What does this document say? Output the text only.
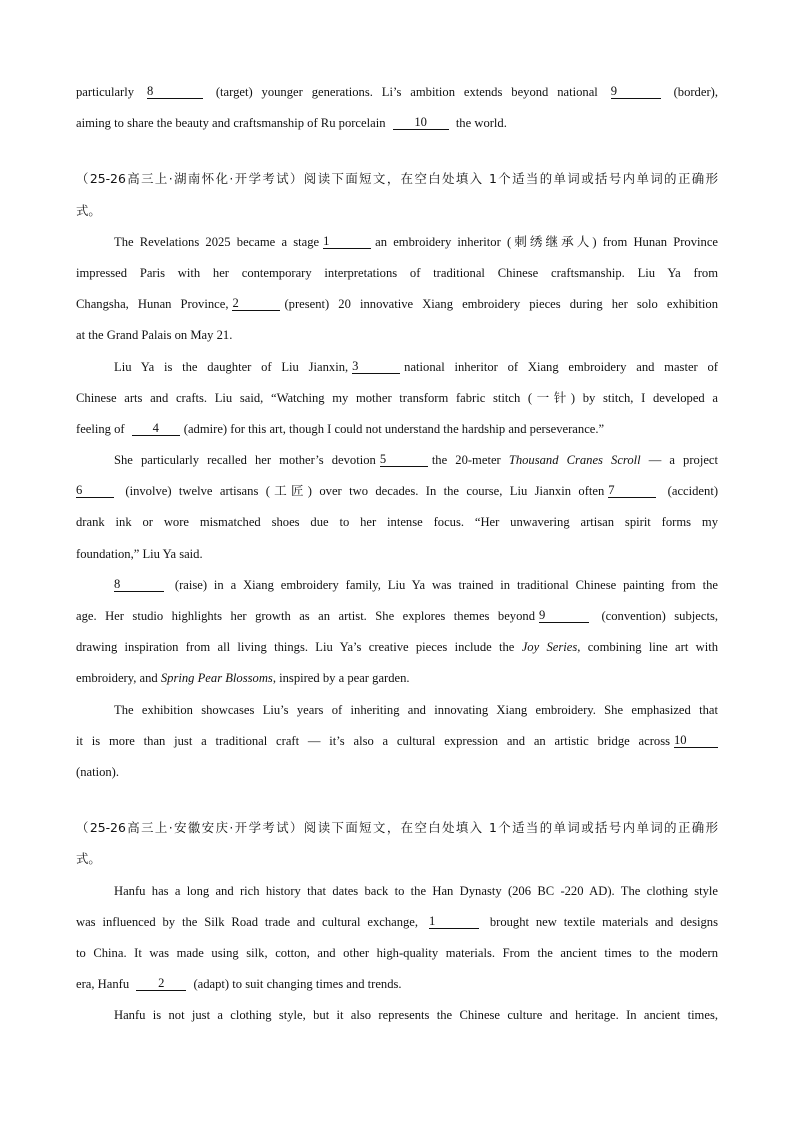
particularly 8	(target) younger generations. Li’s ambition extends beyond national 9	(border),
aiming to share the beauty and craftsmanship of Ru porcelain 10 the world.
（25-26高三上·湖南怀化·开学考试）阅读下面短文，在空白处填入 1个适当的单词或括号内单词的正确形
式。
The Revelations 2025 became a stage 1	an embroidery inheritor (刺绣继承人) from Hunan Province
impressed Paris with her contemporary interpretations of traditional Chinese craftsmanship. Liu Ya from
Changsha, Hunan Province, 2	(present) 20 innovative Xiang embroidery pieces during her solo exhibition
at the Grand Palais on May 21.
Liu Ya is the daughter of Liu Jianxin, 3	national inheritor of Xiang embroidery and master of
Chinese arts and crafts. Liu said, “Watching my mother transform fabric stitch (一针) by stitch, I developed a
feeling of 4 (admire) for this art, though I could not understand the hardship and perseverance.”
She particularly recalled her mother’s devotion 5	the 20-meter Thousand Cranes Scroll — a project
6	(involve) twelve artisans (工匠) over two decades. In the course, Liu Jianxin often 7	(accident)
drank ink or wore mismatched shoes due to her intense focus. “Her unwavering artisan spirit forms my
foundation,” Liu Ya said.
8	(raise) in a Xiang embroidery family, Liu Ya was trained in traditional Chinese painting from the
age. Her studio highlights her growth as an artist. She explores themes beyond 9	(convention) subjects,
drawing inspiration from all living things. Liu Ya’s creative pieces include the Joy Series, combining line art with
embroidery, and Spring Pear Blossoms, inspired by a pear garden.
The exhibition showcases Liu’s years of inheriting and innovating Xiang embroidery. She emphasized that
it is more than just a traditional craft — it’s also a cultural expression and an artistic bridge across 10
(nation).
（25-26高三上·安徽安庆·开学考试）阅读下面短文，在空白处填入 1个适当的单词或括号内单词的正确形
式。
Hanfu has a long and rich history that dates back to the Han Dynasty (206 BC -220 AD). The clothing style
was influenced by the Silk Road trade and cultural exchange, 1	brought new textile materials and designs
to China. It was made using silk, cotton, and other high-quality materials. From the ancient times to the modern
era, Hanfu 2 (adapt) to suit changing times and trends.
Hanfu is not just a clothing style, but it also represents the Chinese culture and heritage. In ancient times,
